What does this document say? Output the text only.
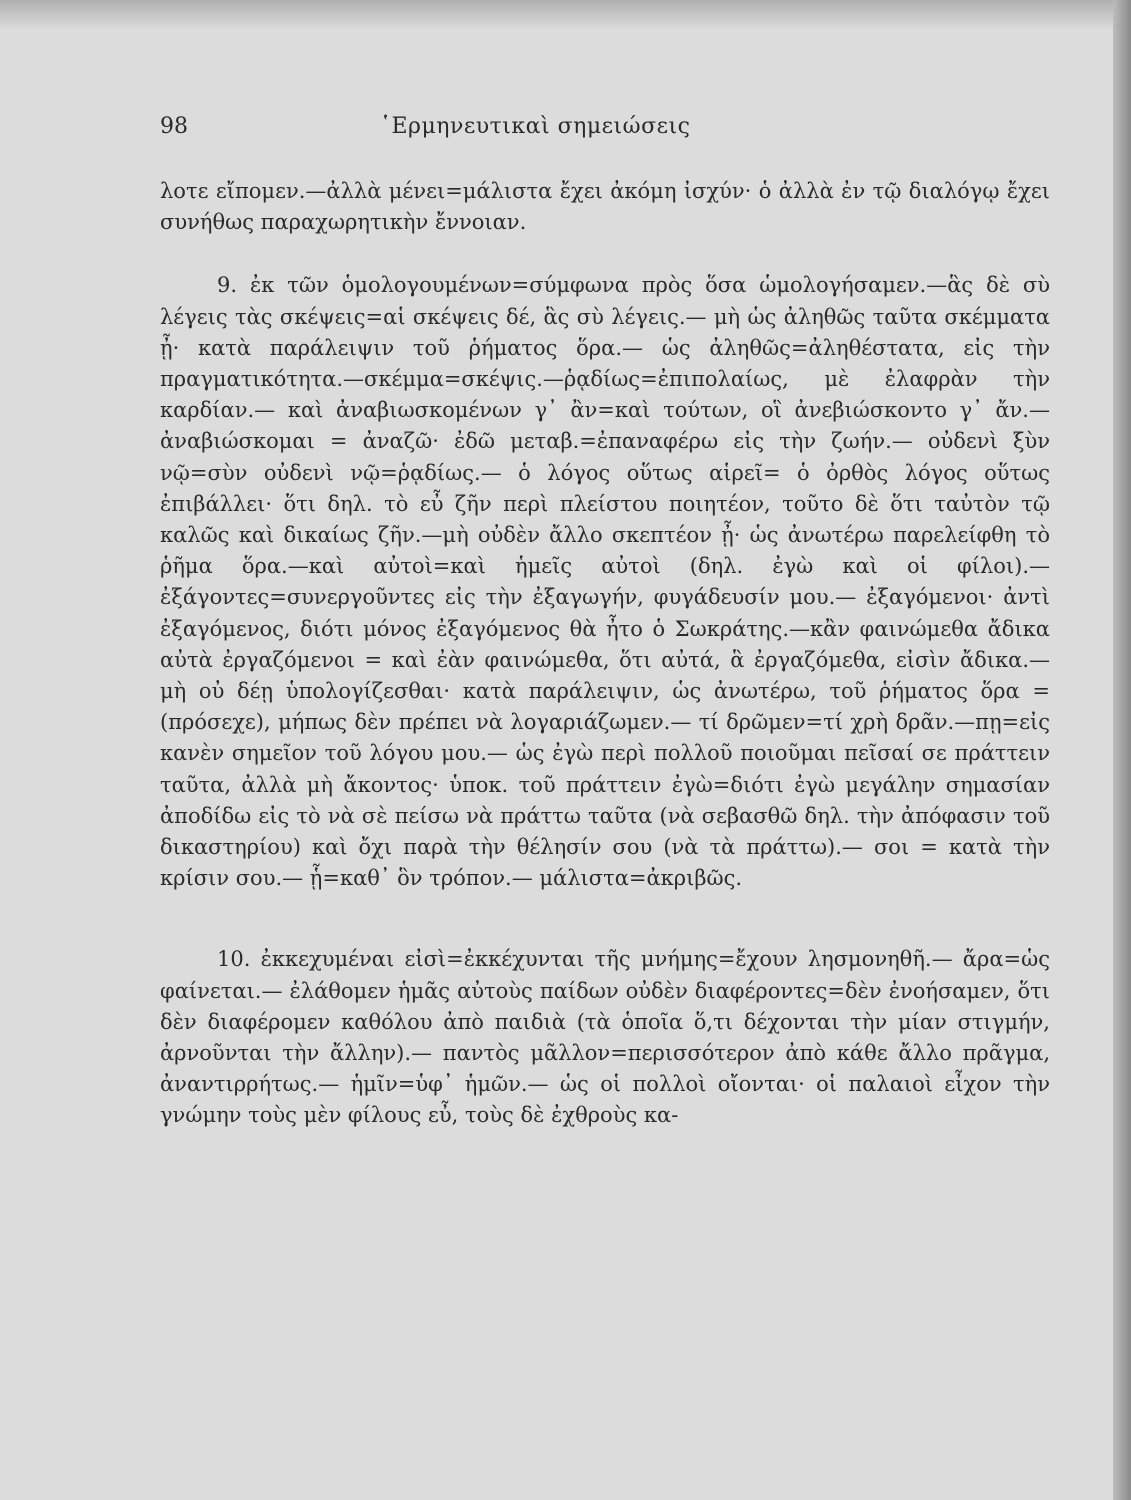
98	῾Ερμηνευτικαὶ σημειώσεις

λοτε εἴπομεν.—ἀλλὰ μένει=μάλιστα ἔχει ἀκόμη ἰσχύν· ὁ ἀλλὰ ἐν τῷ διαλόγῳ ἔχει συνήθως παραχωρητικὴν ἔννοιαν.

9. ἐκ τῶν ὁμολογουμένων=σύμφωνα πρὸς ὅσα ὡμολογήσαμεν.—ἃς δὲ σὺ λέγεις τὰς σκέψεις=αἱ σκέψεις δέ, ἃς σὺ λέγεις.— μὴ ὡς ἀληθῶς ταῦτα σκέμματα ᾖ· κατὰ παράλειψιν τοῦ ῥήματος ὅρα.— ὡς ἀληθῶς=ἀληθέστατα, εἰς τὴν πραγματικότητα.—σκέμμα=σκέψις.—ῥᾳδίως=ἐπιπολαίως, μὲ ἐλαφρὰν τὴν καρδίαν.— καὶ ἀναβιωσκομένων γ᾽ ἂν=καὶ τούτων, οἳ ἀνεβιώσκοντο γ᾽ ἄν.— ἀναβιώσκομαι = ἀναζῶ· ἐδῶ μεταβ.=ἐπαναφέρω εἰς τὴν ζωήν.— οὐδενὶ ξὺν νῷ=σὺν οὐδενὶ νῷ=ῥᾳδίως.— ὁ λόγος οὕτως αἱρεῖ= ὁ ὀρθὸς λόγος οὕτως ἐπιβάλλει· ὅτι δηλ. τὸ εὖ ζῆν περὶ πλείστου ποιητέον, τοῦτο δὲ ὅτι ταὐτὸν τῷ καλῶς καὶ δικαίως ζῆν.—μὴ οὐδὲν ἄλλο σκεπτέον ᾖ· ὡς ἀνωτέρω παρελείφθη τὸ ῥῆμα ὅρα.—καὶ αὐτοὶ=καὶ ἡμεῖς αὐτοὶ (δηλ. ἐγὼ καὶ οἱ φίλοι).—ἐξάγοντες=συνεργοῦντες εἰς τὴν ἐξαγωγήν, φυγάδευσίν μου.— ἐξαγόμενοι· ἀντὶ ἐξαγόμενος, διότι μόνος ἐξαγόμενος θὰ ἦτο ὁ Σωκράτης.—κἂν φαινώμεθα ἄδικα αὐτὰ ἐργαζόμενοι = καὶ ἐὰν φαινώμεθα, ὅτι αὐτά, ἃ ἐργαζόμεθα, εἰσὶν ἄδικα.— μὴ οὐ δέῃ ὑπολογίζεσθαι· κατὰ παράλειψιν, ὡς ἀνωτέρω, τοῦ ῥήματος ὅρα = (πρόσεχε), μήπως δὲν πρέπει νὰ λογαριάζωμεν.— τί δρῶμεν=τί χρὴ δρᾶν.—πῃ=εἰς κανὲν σημεῖον τοῦ λόγου μου.— ὡς ἐγὼ περὶ πολλοῦ ποιοῦμαι πεῖσαί σε πράττειν ταῦτα, ἀλλὰ μὴ ἄκοντος· ὑποκ. τοῦ πράττειν ἐγὼ=διότι ἐγὼ μεγάλην σημασίαν ἀποδίδω εἰς τὸ νὰ σὲ πείσω νὰ πράττω ταῦτα (νὰ σεβασθῶ δηλ. τὴν ἀπόφασιν τοῦ δικαστηρίου) καὶ ὄχι παρὰ τὴν θέλησίν σου (νὰ τὰ πράττω).— σοι = κατὰ τὴν κρίσιν σου.— ᾗ=καθ᾽ ὃν τρόπον.— μάλιστα=ἀκριβῶς.

10. ἐκκεχυμέναι εἰσὶ=ἐκκέχυνται τῆς μνήμης=ἔχουν λησμονηθῆ.— ἄρα=ὡς φαίνεται.— ἐλάθομεν ἡμᾶς αὐτοὺς παίδων οὐδὲν διαφέροντες=δὲν ἐνοήσαμεν, ὅτι δὲν διαφέρομεν καθόλου ἀπὸ παιδιὰ (τὰ ὁποῖα ὅ,τι δέχονται τὴν μίαν στιγμήν, ἀρνοῦνται τὴν ἄλλην).— παντὸς μᾶλλον=περισσότερον ἀπὸ κάθε ἄλλο πρᾶγμα, ἀναντιρρήτως.— ἡμῖν=ὑφ᾽ ἡμῶν.— ὡς οἱ πολλοὶ οἴονται· οἱ παλαιοὶ εἶχον τὴν γνώμην τοὺς μὲν φίλους εὖ, τοὺς δὲ ἐχθροὺς κα-
